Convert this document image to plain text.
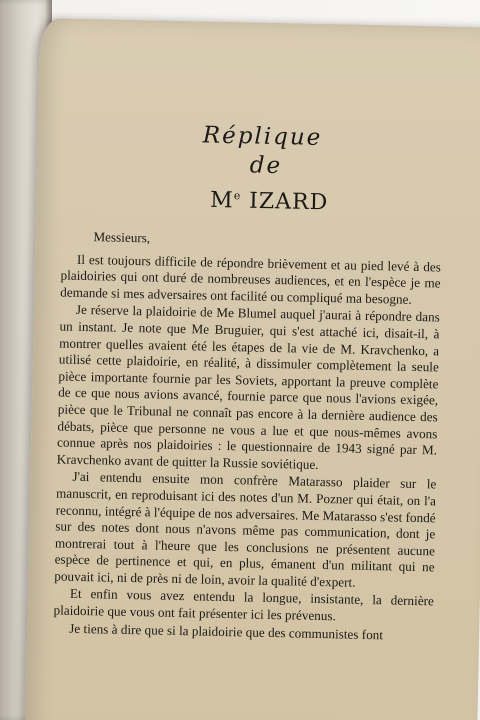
Réplique
de
Me IZARD

Messieurs,

Il est toujours difficile de répondre brièvement et au pied levé à des plaidoiries qui ont duré de nombreuses audiences, et en l'espèce je me demande si mes adversaires ont facilité ou compliqué ma besogne.

Je réserve la plaidoirie de Me Blumel auquel j'aurai à répondre dans un instant. Je note que Me Bruguier, qui s'est attaché ici, disait-il, à montrer quelles avaient été les étapes de la vie de M. Kravchenko, a utilisé cette plaidoirie, en réalité, à dissimuler complètement la seule pièce importante fournie par les Soviets, apportant la preuve complète de ce que nous avions avancé, fournie parce que nous l'avions exigée, pièce que le Tribunal ne connaît pas encore à la dernière audience des débats, pièce que personne ne vous a lue et que nous-mêmes avons connue après nos plaidoiries : le questionnaire de 1943 signé par M. Kravchenko avant de quitter la Russie soviétique.

J'ai entendu ensuite mon confrère Matarasso plaider sur le manuscrit, en reproduisant ici des notes d'un M. Pozner qui était, on l'a reconnu, intégré à l'équipe de nos adversaires. Me Matarasso s'est fondé sur des notes dont nous n'avons même pas communication, dont je montrerai tout à l'heure que les conclusions ne présentent aucune espèce de pertinence et qui, en plus, émanent d'un militant qui ne pouvait ici, ni de près ni de loin, avoir la qualité d'expert.

Et enfin vous avez entendu la longue, insistante, la dernière plaidoirie que vous ont fait présenter ici les prévenus.

Je tiens à dire que si la plaidoirie que des communistes font
